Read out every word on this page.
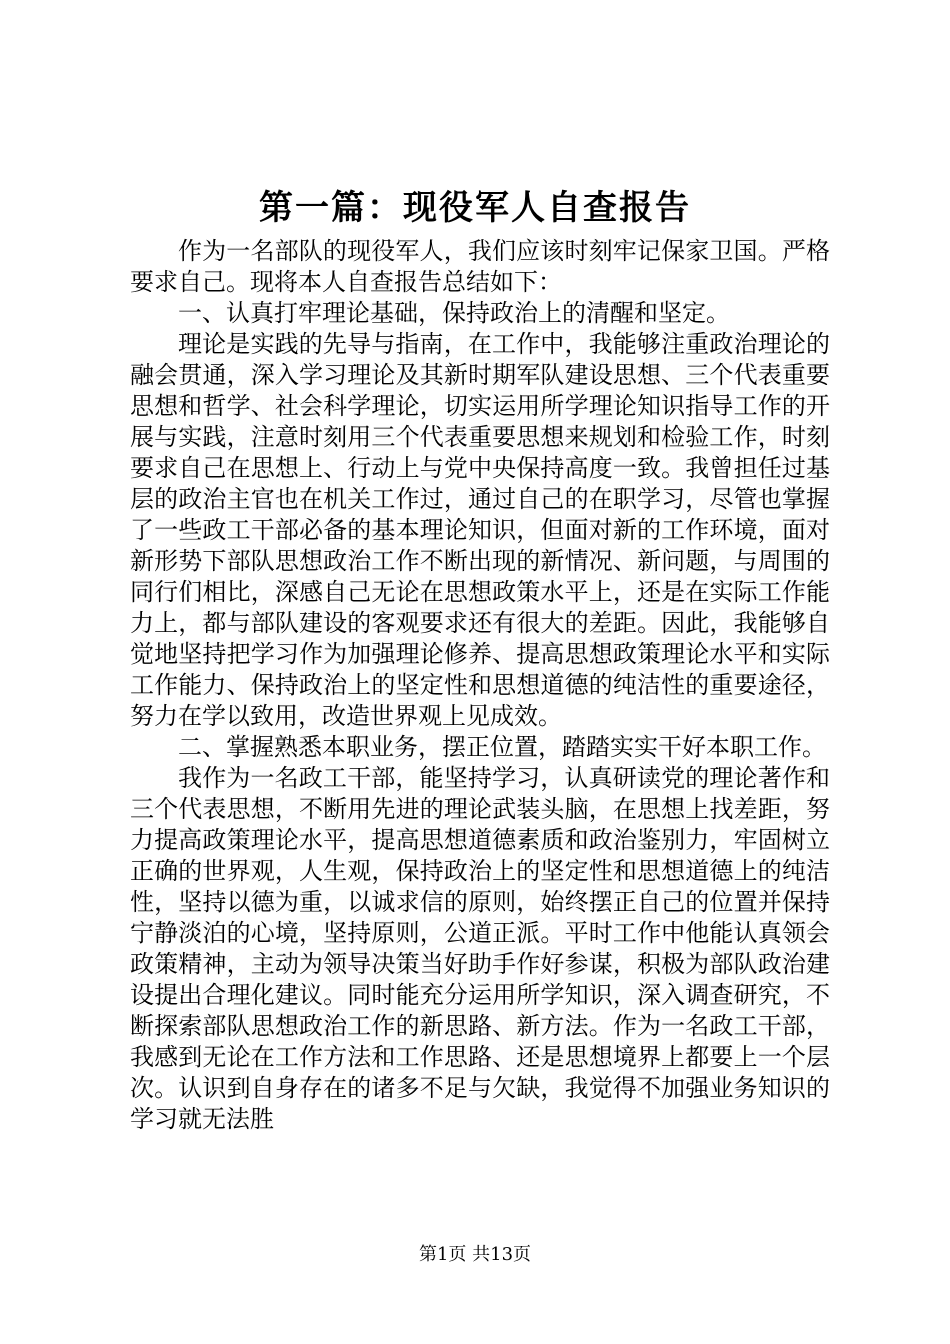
第一篇：现役军人自查报告

作为一名部队的现役军人，我们应该时刻牢记保家卫国。严格要求自己。现将本人自查报告总结如下：

一、认真打牢理论基础，保持政治上的清醒和坚定。

理论是实践的先导与指南，在工作中，我能够注重政治理论的融会贯通，深入学习理论及其新时期军队建设思想、三个代表重要思想和哲学、社会科学理论，切实运用所学理论知识指导工作的开展与实践，注意时刻用三个代表重要思想来规划和检验工作，时刻要求自己在思想上、行动上与党中央保持高度一致。我曾担任过基层的政治主官也在机关工作过，通过自己的在职学习，尽管也掌握了一些政工干部必备的基本理论知识，但面对新的工作环境，面对新形势下部队思想政治工作不断出现的新情况、新问题，与周围的同行们相比，深感自己无论在思想政策水平上，还是在实际工作能力上，都与部队建设的客观要求还有很大的差距。因此，我能够自觉地坚持把学习作为加强理论修养、提高思想政策理论水平和实际工作能力、保持政治上的坚定性和思想道德的纯洁性的重要途径，努力在学以致用，改造世界观上见成效。

二、掌握熟悉本职业务，摆正位置，踏踏实实干好本职工作。

我作为一名政工干部，能坚持学习，认真研读党的理论著作和三个代表思想，不断用先进的理论武装头脑，在思想上找差距，努力提高政策理论水平，提高思想道德素质和政治鉴别力，牢固树立正确的世界观，人生观，保持政治上的坚定性和思想道德上的纯洁性，坚持以德为重，以诚求信的原则，始终摆正自己的位置并保持宁静淡泊的心境，坚持原则，公道正派。平时工作中他能认真领会政策精神，主动为领导决策当好助手作好参谋，积极为部队政治建设提出合理化建议。同时能充分运用所学知识，深入调查研究，不断探索部队思想政治工作的新思路、新方法。作为一名政工干部，我感到无论在工作方法和工作思路、还是思想境界上都要上一个层次。认识到自身存在的诸多不足与欠缺，我觉得不加强业务知识的学习就无法胜

第1页 共13页
